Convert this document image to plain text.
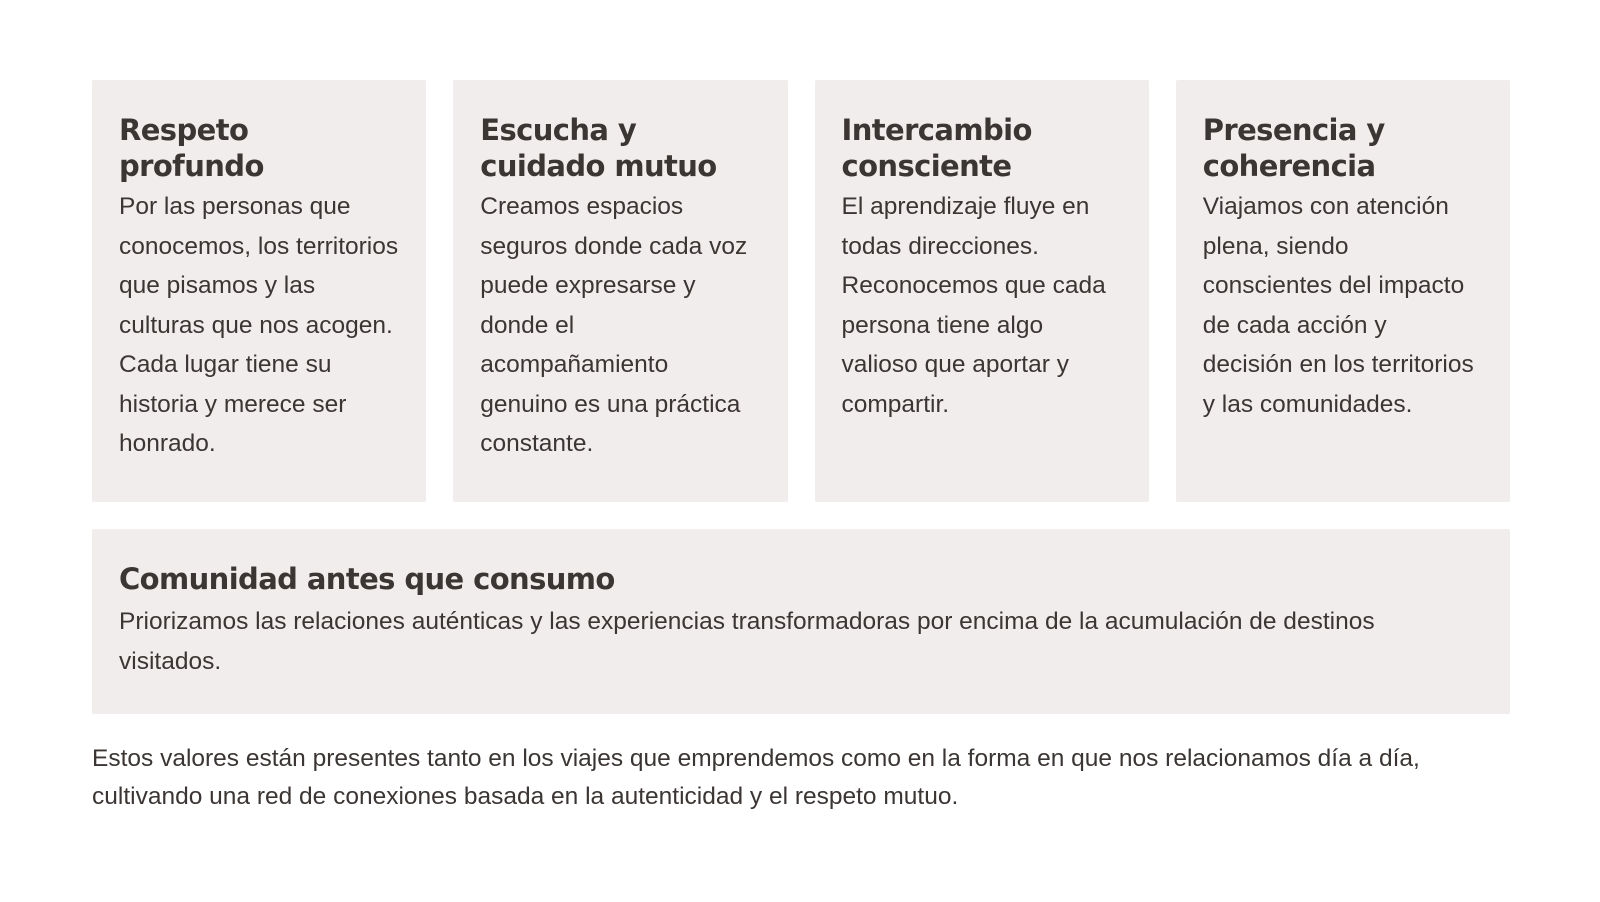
Respeto profundo

Por las personas que conocemos, los territorios que pisamos y las culturas que nos acogen. Cada lugar tiene su historia y merece ser honrado.

Escucha y cuidado mutuo

Creamos espacios seguros donde cada voz puede expresarse y donde el acompañamiento genuino es una práctica constante.

Intercambio consciente

El aprendizaje fluye en todas direcciones. Reconocemos que cada persona tiene algo valioso que aportar y compartir.

Presencia y coherencia

Viajamos con atención plena, siendo conscientes del impacto de cada acción y decisión en los territorios y las comunidades.

Comunidad antes que consumo

Priorizamos las relaciones auténticas y las experiencias transformadoras por encima de la acumulación de destinos visitados.

Estos valores están presentes tanto en los viajes que emprendemos como en la forma en que nos relacionamos día a día, cultivando una red de conexiones basada en la autenticidad y el respeto mutuo.
